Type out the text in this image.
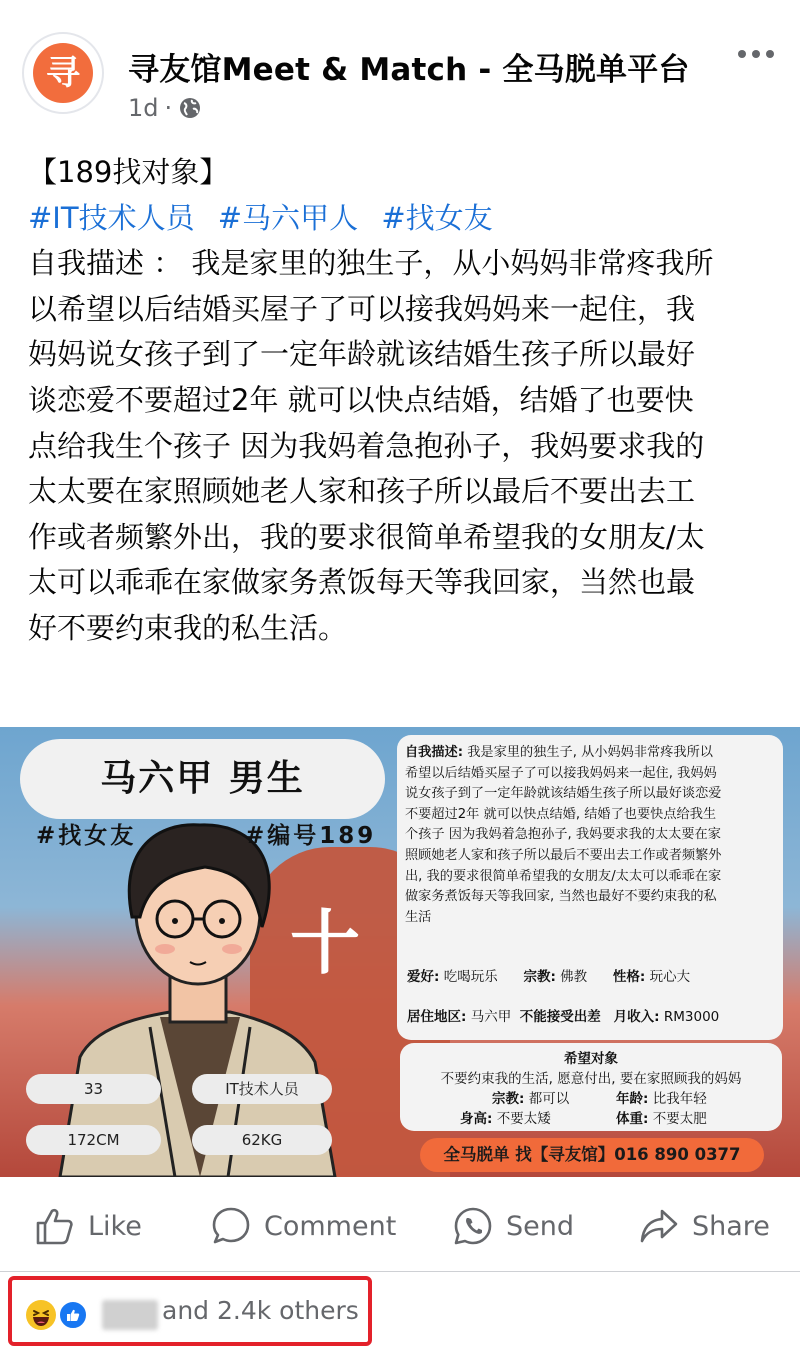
寻	寻友馆Meet & Match - 全马脱单平台
1d ·
【189找对象】
#IT技术人员 #马六甲人 #找女友
自我描述 ： 我是家里的独生子，从小妈妈非常疼我所
以希望以后结婚买屋子了可以接我妈妈来一起住，我
妈妈说女孩子到了一定年龄就该结婚生孩子所以最好
谈恋爱不要超过2年 就可以快点结婚，结婚了也要快
点给我生个孩子 因为我妈着急抱孙子，我妈要求我的
太太要在家照顾她老人家和孩子所以最后不要出去工
作或者频繁外出，我的要求很简单希望我的女朋友/太
太可以乖乖在家做家务煮饭每天等我回家，当然也最
好不要约束我的私生活。
十
马六甲 男生
#找女友	#编号189
33	IT技术人员
172CM	62KG
自我描述: 我是家里的独生子, 从小妈妈非常疼我所以
希望以后结婚买屋子了可以接我妈妈来一起住, 我妈妈
说女孩子到了一定年龄就该结婚生孩子所以最好谈恋爱
不要超过2年 就可以快点结婚, 结婚了也要快点给我生
个孩子 因为我妈着急抱孙子, 我妈要求我的太太要在家
照顾她老人家和孩子所以最后不要出去工作或者频繁外
出, 我的要求很简单希望我的女朋友/太太可以乖乖在家
做家务煮饭每天等我回家, 当然也最好不要约束我的私
生活
爱好: 吃喝玩乐 宗教: 佛教 性格: 玩心大
居住地区: 马六甲 不能接受出差 月收入: RM3000
希望对象
不要约束我的生活, 愿意付出, 要在家照顾我的妈妈
宗教: 都可以	年龄: 比我年轻
身高: 不要太矮	体重: 不要太肥
全马脱单 找【寻友馆】016 890 0377
Like	Comment	Send	Share
and 2.4k others
